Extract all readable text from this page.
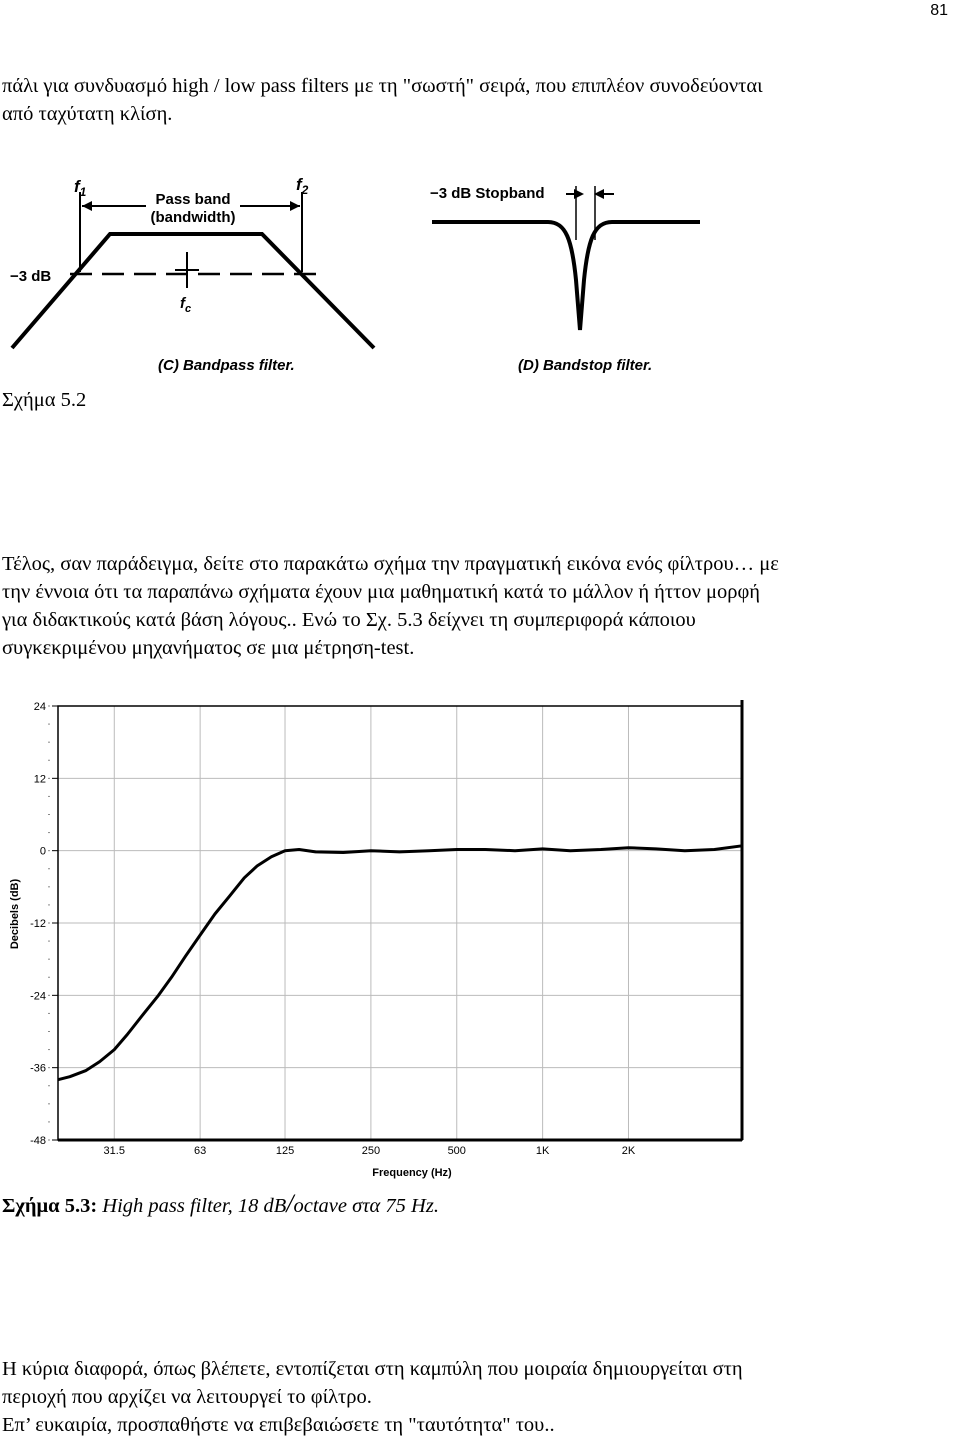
81
πάλι για συνδυασμό high / low pass filters με τη "σωστή" σειρά, που επιπλέον συνοδεύονται
από ταχύτατη κλίση.
$f_1$	$f_2$
Pass band
(bandwidth)
−3 dB
$f_c$
(C) Bandpass filter.
−3 dB Stopband
(D) Bandstop filter.
Σχήμα 5.2
Τέλος, σαν παράδειγμα, δείτε στο παρακάτω σχήμα την πραγματική εικόνα ενός φίλτρου… με
την έννοια ότι τα παραπάνω σχήματα έχουν μια μαθηματική κατά το μάλλον ή ήττον μορφή
για διδακτικούς κατά βάση λόγους.. Ενώ το Σχ. 5.3 δείχνει τη συμπεριφορά κάποιου
συγκεκριμένου μηχανήματος σε μια μέτρηση-test.
24
12
0
-12
-24
-36
-48
31.5	63	125	250	500	1K	2K
Frequency (Hz)
Decibels (dB)
Σχήμα 5.3: High pass filter, 18 dB/octave στα 75 Hz.
Η κύρια διαφορά, όπως βλέπετε, εντοπίζεται στη καμπύλη που μοιραία δημιουργείται στη
περιοχή που αρχίζει να λειτουργεί το φίλτρο.
Επ’ ευκαιρία, προσπαθήστε να επιβεβαιώσετε τη "ταυτότητα" του..
